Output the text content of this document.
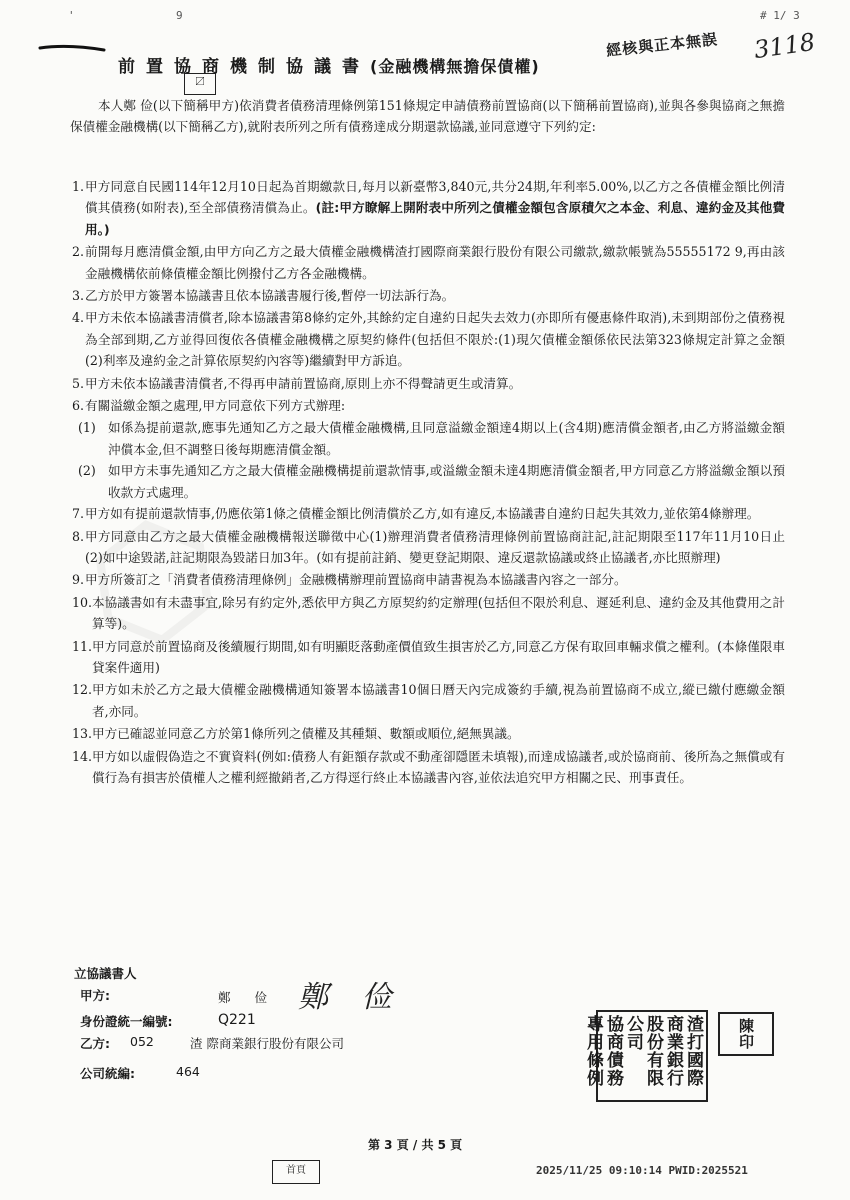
'	9	# 1/ 3
經核與正本無誤 3118
〼
前置協商機制協議書(金融機構無擔保債權)
本人鄭 俭(以下簡稱甲方)依消費者債務清理條例第151條規定申請債務前置協商(以下簡稱前置協商),並與各參與協商之無擔保債權金融機構(以下簡稱乙方),就附表所列之所有債務達成分期還款協議,並同意遵守下列約定:
1. 甲方同意自民國114年12月10日起為首期繳款日,每月以新臺幣3,840元,共分24期,年利率5.00%,以乙方之各債權金額比例清償其債務(如附表),至全部債務清償為止。(註:甲方瞭解上開附表中所列之債權金額包含原積欠之本金、利息、違約金及其他費用。)
2. 前開每月應清償金額,由甲方向乙方之最大債權金融機構渣打國際商業銀行股份有限公司繳款,繳款帳號為55555172 9,再由該金融機構依前條債權金額比例撥付乙方各金融機構。
3. 乙方於甲方簽署本協議書且依本協議書履行後,暫停一切法訴行為。
4. 甲方未依本協議書清償者,除本協議書第8條約定外,其餘約定自違約日起失去效力(亦即所有優惠條件取消),未到期部份之債務視為全部到期,乙方並得回復依各債權金融機構之原契約條件(包括但不限於:(1)現欠債權金額係依民法第323條規定計算之金額(2)利率及違約金之計算依原契約內容等)繼續對甲方訴追。
5. 甲方未依本協議書清償者,不得再申請前置協商,原則上亦不得聲請更生或清算。
6. 有關溢繳金額之處理,甲方同意依下列方式辦理:
(1) 如係為提前還款,應事先通知乙方之最大債權金融機構,且同意溢繳金額達4期以上(含4期)應清償金額者,由乙方將溢繳金額沖償本金,但不調整日後每期應清償金額。
(2) 如甲方未事先通知乙方之最大債權金融機構提前還款情事,或溢繳金額未達4期應清償金額者,甲方同意乙方將溢繳金額以預收款方式處理。
7. 甲方如有提前還款情事,仍應依第1條之債權金額比例清償於乙方,如有違反,本協議書自違約日起失其效力,並依第4條辦理。
8. 甲方同意由乙方之最大債權金融機構報送聯徵中心(1)辦理消費者債務清理條例前置協商註記,註記期限至117年11月10日止(2)如中途毀諾,註記期限為毀諾日加3年。(如有提前註銷、變更登記期限、違反還款協議或終止協議者,亦比照辦理)
9. 甲方所簽訂之「消費者債務清理條例」金融機構辦理前置協商申請書視為本協議書內容之一部分。
10. 本協議書如有未盡事宜,除另有約定外,悉依甲方與乙方原契約約定辦理(包括但不限於利息、遲延利息、違約金及其他費用之計算等)。
11. 甲方同意於前置協商及後續履行期間,如有明顯貶落動產價值致生損害於乙方,同意乙方保有取回車輛求償之權利。(本條僅限車貸案件適用)
12. 甲方如未於乙方之最大債權金融機構通知簽署本協議書10個日曆天內完成簽約手續,視為前置協商不成立,縱已繳付應繳金額者,亦同。
13. 甲方已確認並同意乙方於第1條所列之債權及其種類、數額或順位,絕無異議。
14. 甲方如以虛假偽造之不實資料(例如:債務人有鉅額存款或不動產卻隱匿未填報),而達成協議者,或於協商前、後所為之無償或有償行為有損害於債權人之權利經撤銷者,乙方得逕行終止本協議書內容,並依法追究甲方相關之民、刑事責任。
立協議書人
甲方:	鄭 俭 鄭 俭
身份證統一編號:	Q221
乙方: 052	渣 際商業銀行股份有限公司
公司統編:	464	渣打國際
商業銀行
股份有限
公司
協商債務
專用條例	陳印
第 3 頁 / 共 5 頁
首頁	2025/11/25 09:10:14 PWID:2025521
